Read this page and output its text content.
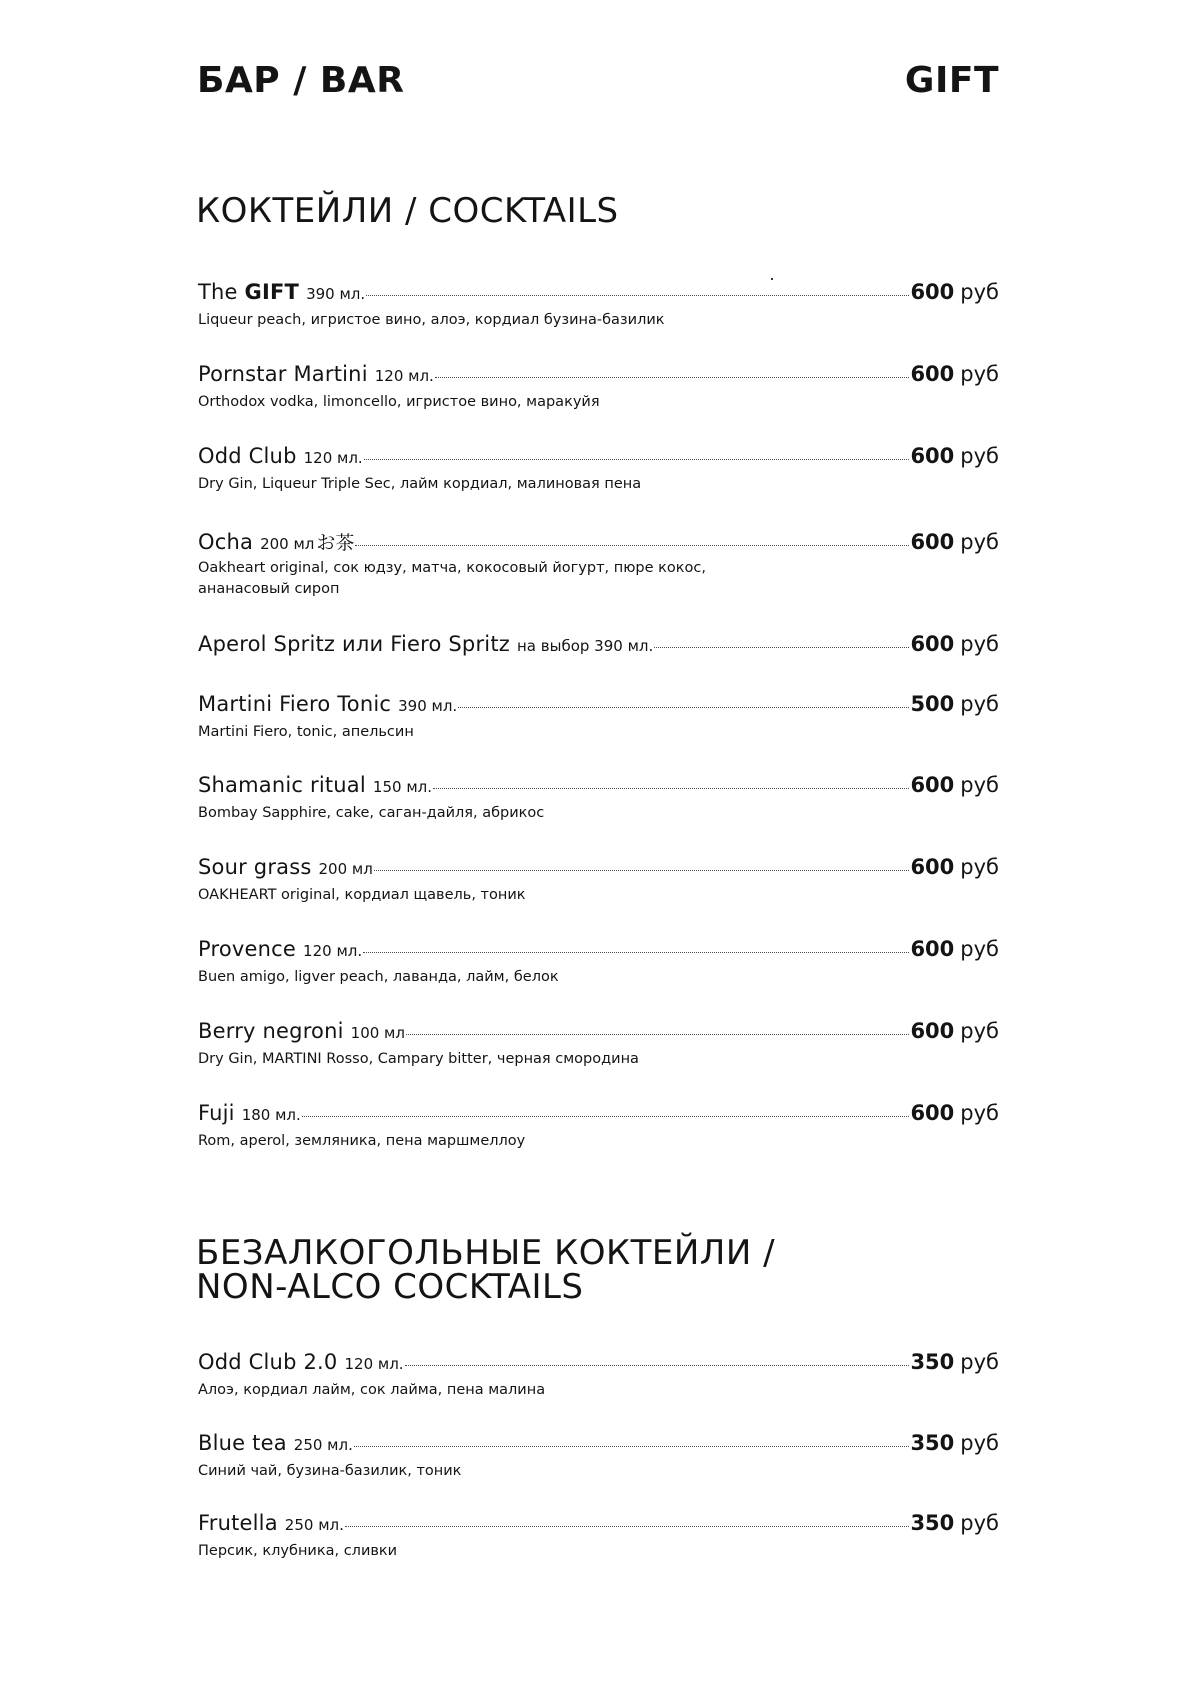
БАР / BAR	GIFT
КОКТЕЙЛИ / COCKTAILS
The GIFT 390 мл.	600 руб
Liqueur peach, игристое вино, алоэ, кордиал бузина-базилик
Pornstar Martini 120 мл.	600 руб
Orthodox vodka, limoncello, игристое вино, маракуйя
Odd Club 120 мл.	600 руб
Dry Gin, Liqueur Triple Sec, лайм кордиал, малиновая пена
Ocha 200 мл お茶	600 руб
Oakheart original, сок юдзу, матча, кокосовый йогурт, пюре кокос,
ананасовый сироп
Aperol Spritz или Fiero Spritz на выбор 390 мл.	600 руб
Martini Fiero Tonic 390 мл.	500 руб
Martini Fiero, tonic, апельсин
Shamanic ritual 150 мл.	600 руб
Bombay Sapphire, cake, саган-дайля, абрикос
Sour grass 200 мл	600 руб
OAKHEART original, кордиал щавель, тоник
Provence 120 мл.	600 руб
Buen amigo, ligver peach, лаванда, лайм, белок
Berry negroni 100 мл	600 руб
Dry Gin, MARTINI Rosso, Campary bitter, черная смородина
Fuji 180 мл.	600 руб
Rom, aperol, земляника, пена маршмеллоу
БЕЗАЛКОГОЛЬНЫЕ КОКТЕЙЛИ /
NON-ALCO COCKTAILS
Odd Club 2.0 120 мл.	350 руб
Алоэ, кордиал лайм, сок лайма, пена малина
Blue tea 250 мл.	350 руб
Синий чай, бузина-базилик, тоник
Frutella 250 мл.	350 руб
Персик, клубника, сливки
